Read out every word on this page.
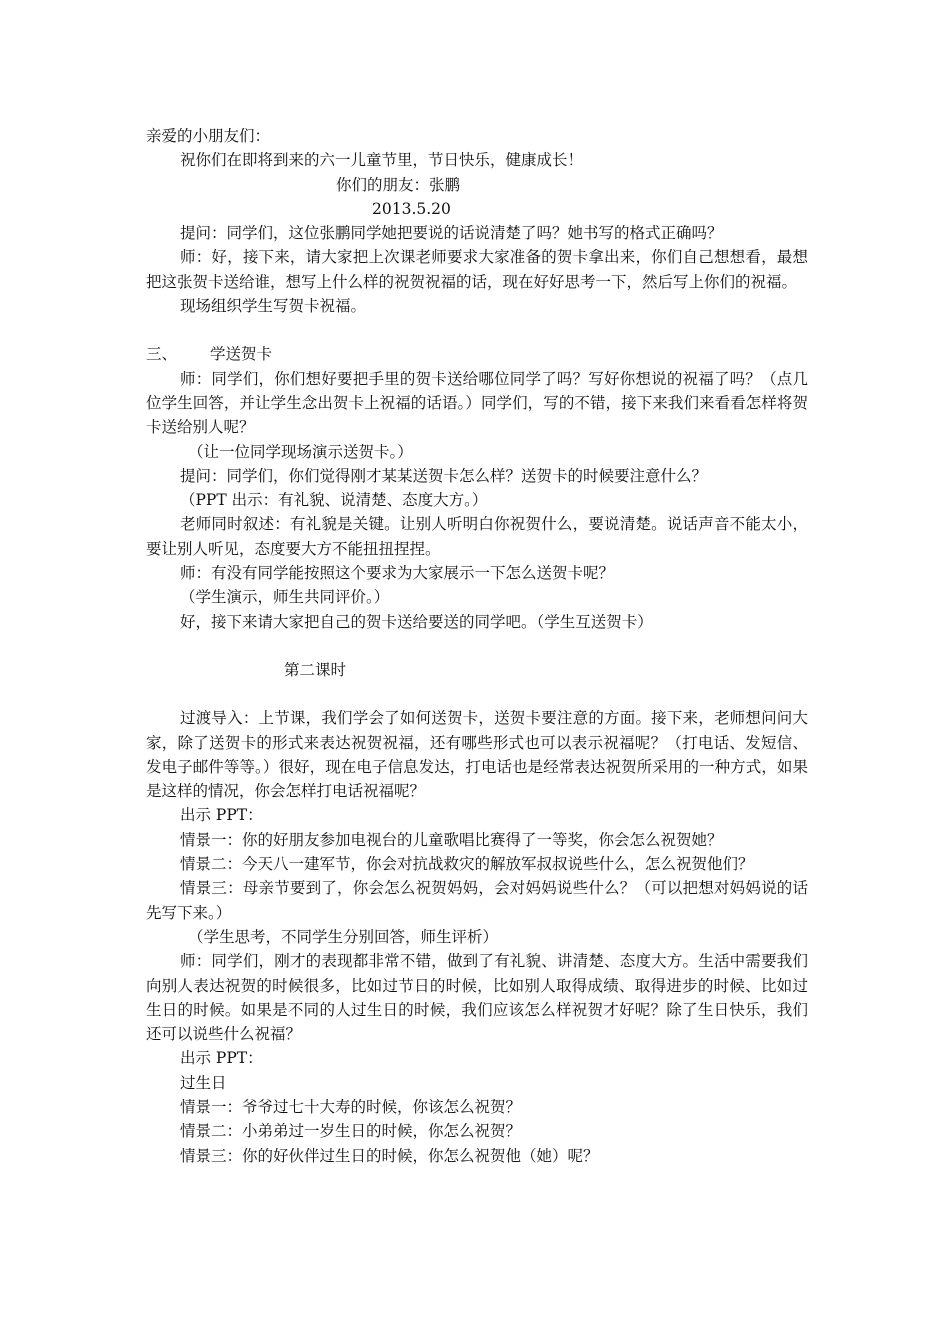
亲爱的小朋友们：

祝你们在即将到来的六一儿童节里，节日快乐，健康成长！

你们的朋友：张鹏

2013.5.20

提问：同学们，这位张鹏同学她把要说的话说清楚了吗？她书写的格式正确吗？

师：好，接下来，请大家把上次课老师要求大家准备的贺卡拿出来，你们自己想想看，最想把这张贺卡送给谁，想写上什么样的祝贺祝福的话，现在好好思考一下，然后写上你们的祝福。

现场组织学生写贺卡祝福。

三、 学送贺卡

师：同学们，你们想好要把手里的贺卡送给哪位同学了吗？写好你想说的祝福了吗？（点几位学生回答，并让学生念出贺卡上祝福的话语。）同学们，写的不错，接下来我们来看看怎样将贺卡送给别人呢？

（让一位同学现场演示送贺卡。）

提问：同学们，你们觉得刚才某某送贺卡怎么样？送贺卡的时候要注意什么？

（PPT 出示：有礼貌、说清楚、态度大方。）

老师同时叙述：有礼貌是关键。让别人听明白你祝贺什么，要说清楚。说话声音不能太小，要让别人听见，态度要大方不能扭扭捏捏。

师：有没有同学能按照这个要求为大家展示一下怎么送贺卡呢？

（学生演示，师生共同评价。）

好，接下来请大家把自己的贺卡送给要送的同学吧。（学生互送贺卡）

第二课时

过渡导入：上节课，我们学会了如何送贺卡，送贺卡要注意的方面。接下来，老师想问问大家，除了送贺卡的形式来表达祝贺祝福，还有哪些形式也可以表示祝福呢？（打电话、发短信、发电子邮件等等。）很好，现在电子信息发达，打电话也是经常表达祝贺所采用的一种方式，如果是这样的情况，你会怎样打电话祝福呢？

出示 PPT：

情景一：你的好朋友参加电视台的儿童歌唱比赛得了一等奖，你会怎么祝贺她？

情景二：今天八一建军节，你会对抗战救灾的解放军叔叔说些什么，怎么祝贺他们？

情景三：母亲节要到了，你会怎么祝贺妈妈，会对妈妈说些什么？（可以把想对妈妈说的话先写下来。）

（学生思考，不同学生分别回答，师生评析）

师：同学们，刚才的表现都非常不错，做到了有礼貌、讲清楚、态度大方。生活中需要我们向别人表达祝贺的时候很多，比如过节日的时候，比如别人取得成绩、取得进步的时候、比如过生日的时候。如果是不同的人过生日的时候，我们应该怎么样祝贺才好呢？除了生日快乐，我们还可以说些什么祝福？

出示 PPT：

过生日

情景一：爷爷过七十大寿的时候，你该怎么祝贺？

情景二：小弟弟过一岁生日的时候，你怎么祝贺？

情景三：你的好伙伴过生日的时候，你怎么祝贺他（她）呢？
